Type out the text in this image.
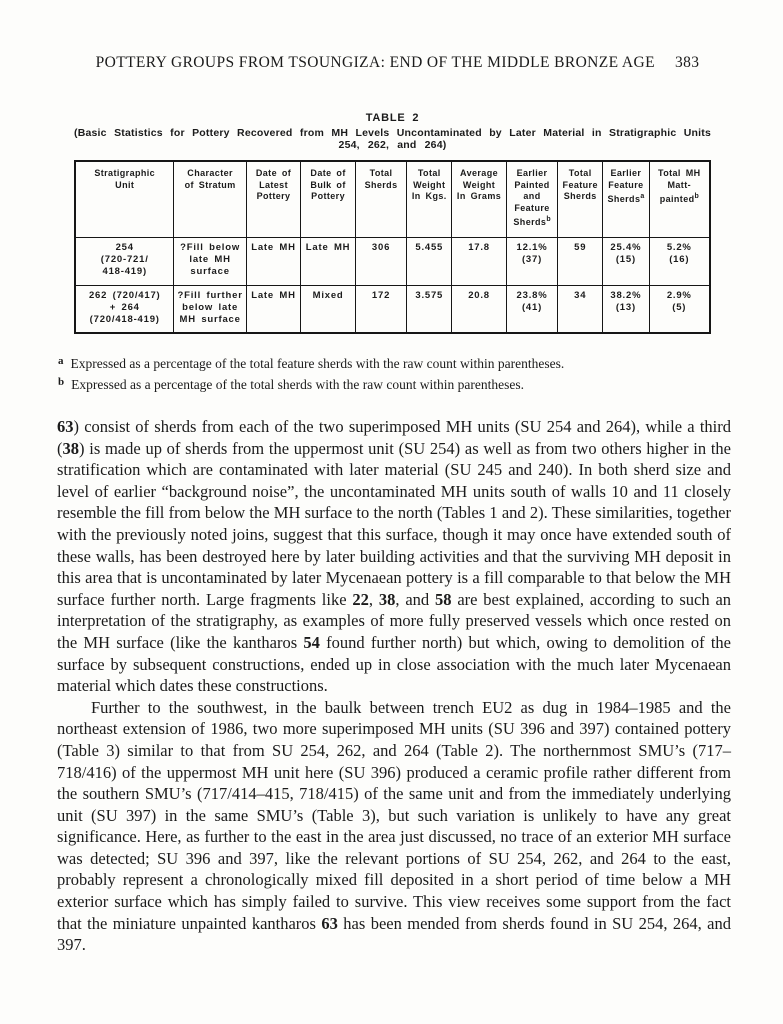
POTTERY GROUPS FROM TSOUNGIZA: END OF THE MIDDLE BRONZE AGE 383
TABLE 2
(Basic Statistics for Pottery Recovered from MH Levels Uncontaminated by Later Material in Stratigraphic Units
254, 262, and 264)
Stratigraphic
Unit	Character
of Stratum	Date of
Latest
Pottery	Date of
Bulk of
Pottery	Total
Sherds	Total
Weight
In Kgs.	Average
Weight
In Grams	Earlier
Painted
and
Feature
Sherds$^b$	Total
Feature
Sherds	Earlier
Feature
Sherds$^a$	Total MH
Matt-
painted$^b$
254
(720-721/
418-419)	?Fill below
late MH
surface	Late MH	Late MH	306	5.455	17.8	12.1%
(37)	59	25.4%
(15)	5.2%
(16)
262 (720/417)
+ 264
(720/418-419)	?Fill further
below late
MH surface	Late MH	Mixed	172	3.575	20.8	23.8%
(41)	34	38.2%
(13)	2.9%
(5)
$^a$ Expressed as a percentage of the total feature sherds with the raw count within parentheses.
$^b$ Expressed as a percentage of the total sherds with the raw count within parentheses.

63) consist of sherds from each of the two superimposed MH units (SU 254 and 264), while a third (38) is made up of sherds from the uppermost unit (SU 254) as well as from two others higher in the stratification which are contaminated with later material (SU 245 and 240). In both sherd size and level of earlier “background noise”, the uncontaminated MH units south of walls 10 and 11 closely resemble the fill from below the MH surface to the north (Tables 1 and 2). These similarities, together with the previously noted joins, suggest that this surface, though it may once have extended south of these walls, has been destroyed here by later building activities and that the surviving MH deposit in this area that is uncontaminated by later Mycenaean pottery is a fill comparable to that below the MH surface further north. Large fragments like 22, 38, and 58 are best explained, according to such an interpretation of the stratigraphy, as examples of more fully preserved vessels which once rested on the MH surface (like the kantharos 54 found further north) but which, owing to demolition of the surface by subsequent constructions, ended up in close association with the much later Mycenaean material which dates these constructions.

Further to the southwest, in the baulk between trench EU2 as dug in 1984–1985 and the northeast extension of 1986, two more superimposed MH units (SU 396 and 397) contained pottery (Table 3) similar to that from SU 254, 262, and 264 (Table 2). The northernmost SMU’s (717–718/416) of the uppermost MH unit here (SU 396) produced a ceramic profile rather different from the southern SMU’s (717/414–415, 718/415) of the same unit and from the immediately underlying unit (SU 397) in the same SMU’s (Table 3), but such variation is unlikely to have any great significance. Here, as further to the east in the area just discussed, no trace of an exterior MH surface was detected; SU 396 and 397, like the relevant portions of SU 254, 262, and 264 to the east, probably represent a chronologically mixed fill deposited in a short period of time below a MH exterior surface which has simply failed to survive. This view receives some support from the fact that the miniature unpainted kantharos 63 has been mended from sherds found in SU 254, 264, and 397.
